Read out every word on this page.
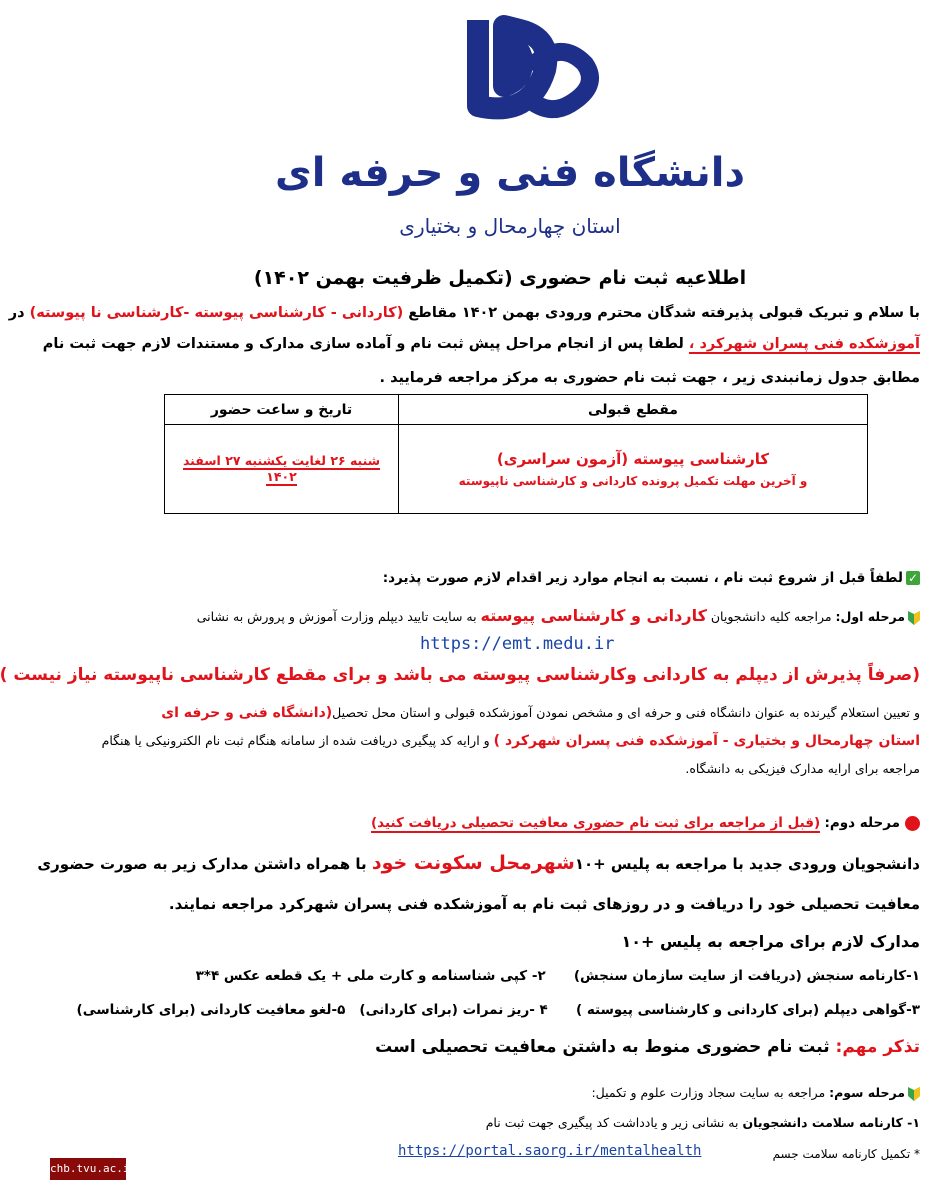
دانشگاه فنی و حرفه ای
استان چهارمحال و بختیاری
اطلاعیه ثبت نام حضوری (تکمیل ظرفیت بهمن ۱۴۰۲)
با سلام و تبریک قبولی پذیرفته شدگان محترم ورودی بهمن ۱۴۰۲ مقاطع (کاردانی - کارشناسی پیوسته -کارشناسی نا پیوسته) در
آموزشکده فنی پسران شهرکرد ، لطفا پس از انجام مراحل پیش ثبت نام و آماده سازی مدارک و مستندات لازم جهت ثبت نام
مطابق جدول زمانبندی زیر ، جهت ثبت نام حضوری به مرکز مراجعه فرمایید .
مقطع قبولی	تاریخ و ساعت حضور

کارشناسی پیوسته (آزمون سراسری)
و آخرین مهلت تکمیل پرونده کاردانی و کارشناسی ناپیوسته	شنبه ۲۶ لغایت یکشنبه ۲۷ اسفند ۱۴۰۲
✓لطفاً قبل از شروع ثبت نام ، نسبت به انجام موارد زیر اقدام لازم صورت پذیرد:
مرحله اول: مراجعه کلیه دانشجویان کاردانی و کارشناسی پیوسته به سایت تایید دیپلم وزارت آموزش و پرورش به نشانی
https://emt.medu.ir
(صرفاً پذیرش از دیپلم به کاردانی وکارشناسی پیوسته می باشد و برای مقطع کارشناسی ناپیوسته نیاز نیست )
و تعیین استعلام گیرنده به عنوان دانشگاه فنی و حرفه ای و مشخص نمودن آموزشکده قبولی و استان محل تحصیل(دانشگاه فنی و حرفه ای
استان چهارمحال و بختیاری - آموزشکده فنی پسران شهرکرد ) و ارایه کد پیگیری دریافت شده از سامانه هنگام ثبت نام الکترونیکی یا هنگام
مراجعه برای ارایه مدارک فیزیکی به دانشگاه.
مرحله دوم: (قبل از مراجعه برای ثبت نام حضوری معافیت تحصیلی دریافت کنید)
دانشجویان ورودی جدید با مراجعه به پلیس +۱۰شهرمحل سکونت خود با همراه داشتن مدارک زیر به صورت حضوری
معافیت تحصیلی خود را دریافت و در روزهای ثبت نام به آموزشکده فنی پسران شهرکرد مراجعه نمایند.
مدارک لازم برای مراجعه به پلیس +۱۰
۱-کارنامه سنجش (دریافت از سایت سازمان سنجش)      ۲- کپی شناسنامه و کارت ملی + یک قطعه عکس ۴*۳
۳-گواهی دیپلم (برای کاردانی و کارشناسی پیوسته )      ۴ -ریز نمرات (برای کاردانی)   ۵-لغو معافیت کاردانی (برای کارشناسی)
تذکر مهم: ثبت نام حضوری منوط به داشتن معافیت تحصیلی است
مرحله سوم: مراجعه به سایت سجاد وزارت علوم و تکمیل:
۱- کارنامه سلامت دانشجویان به نشانی زیر و یادداشت کد پیگیری جهت ثبت نام
* تکمیل کارنامه سلامت جسم
https://portal.saorg.ir/mentalhealth
chb.tvu.ac.ir
